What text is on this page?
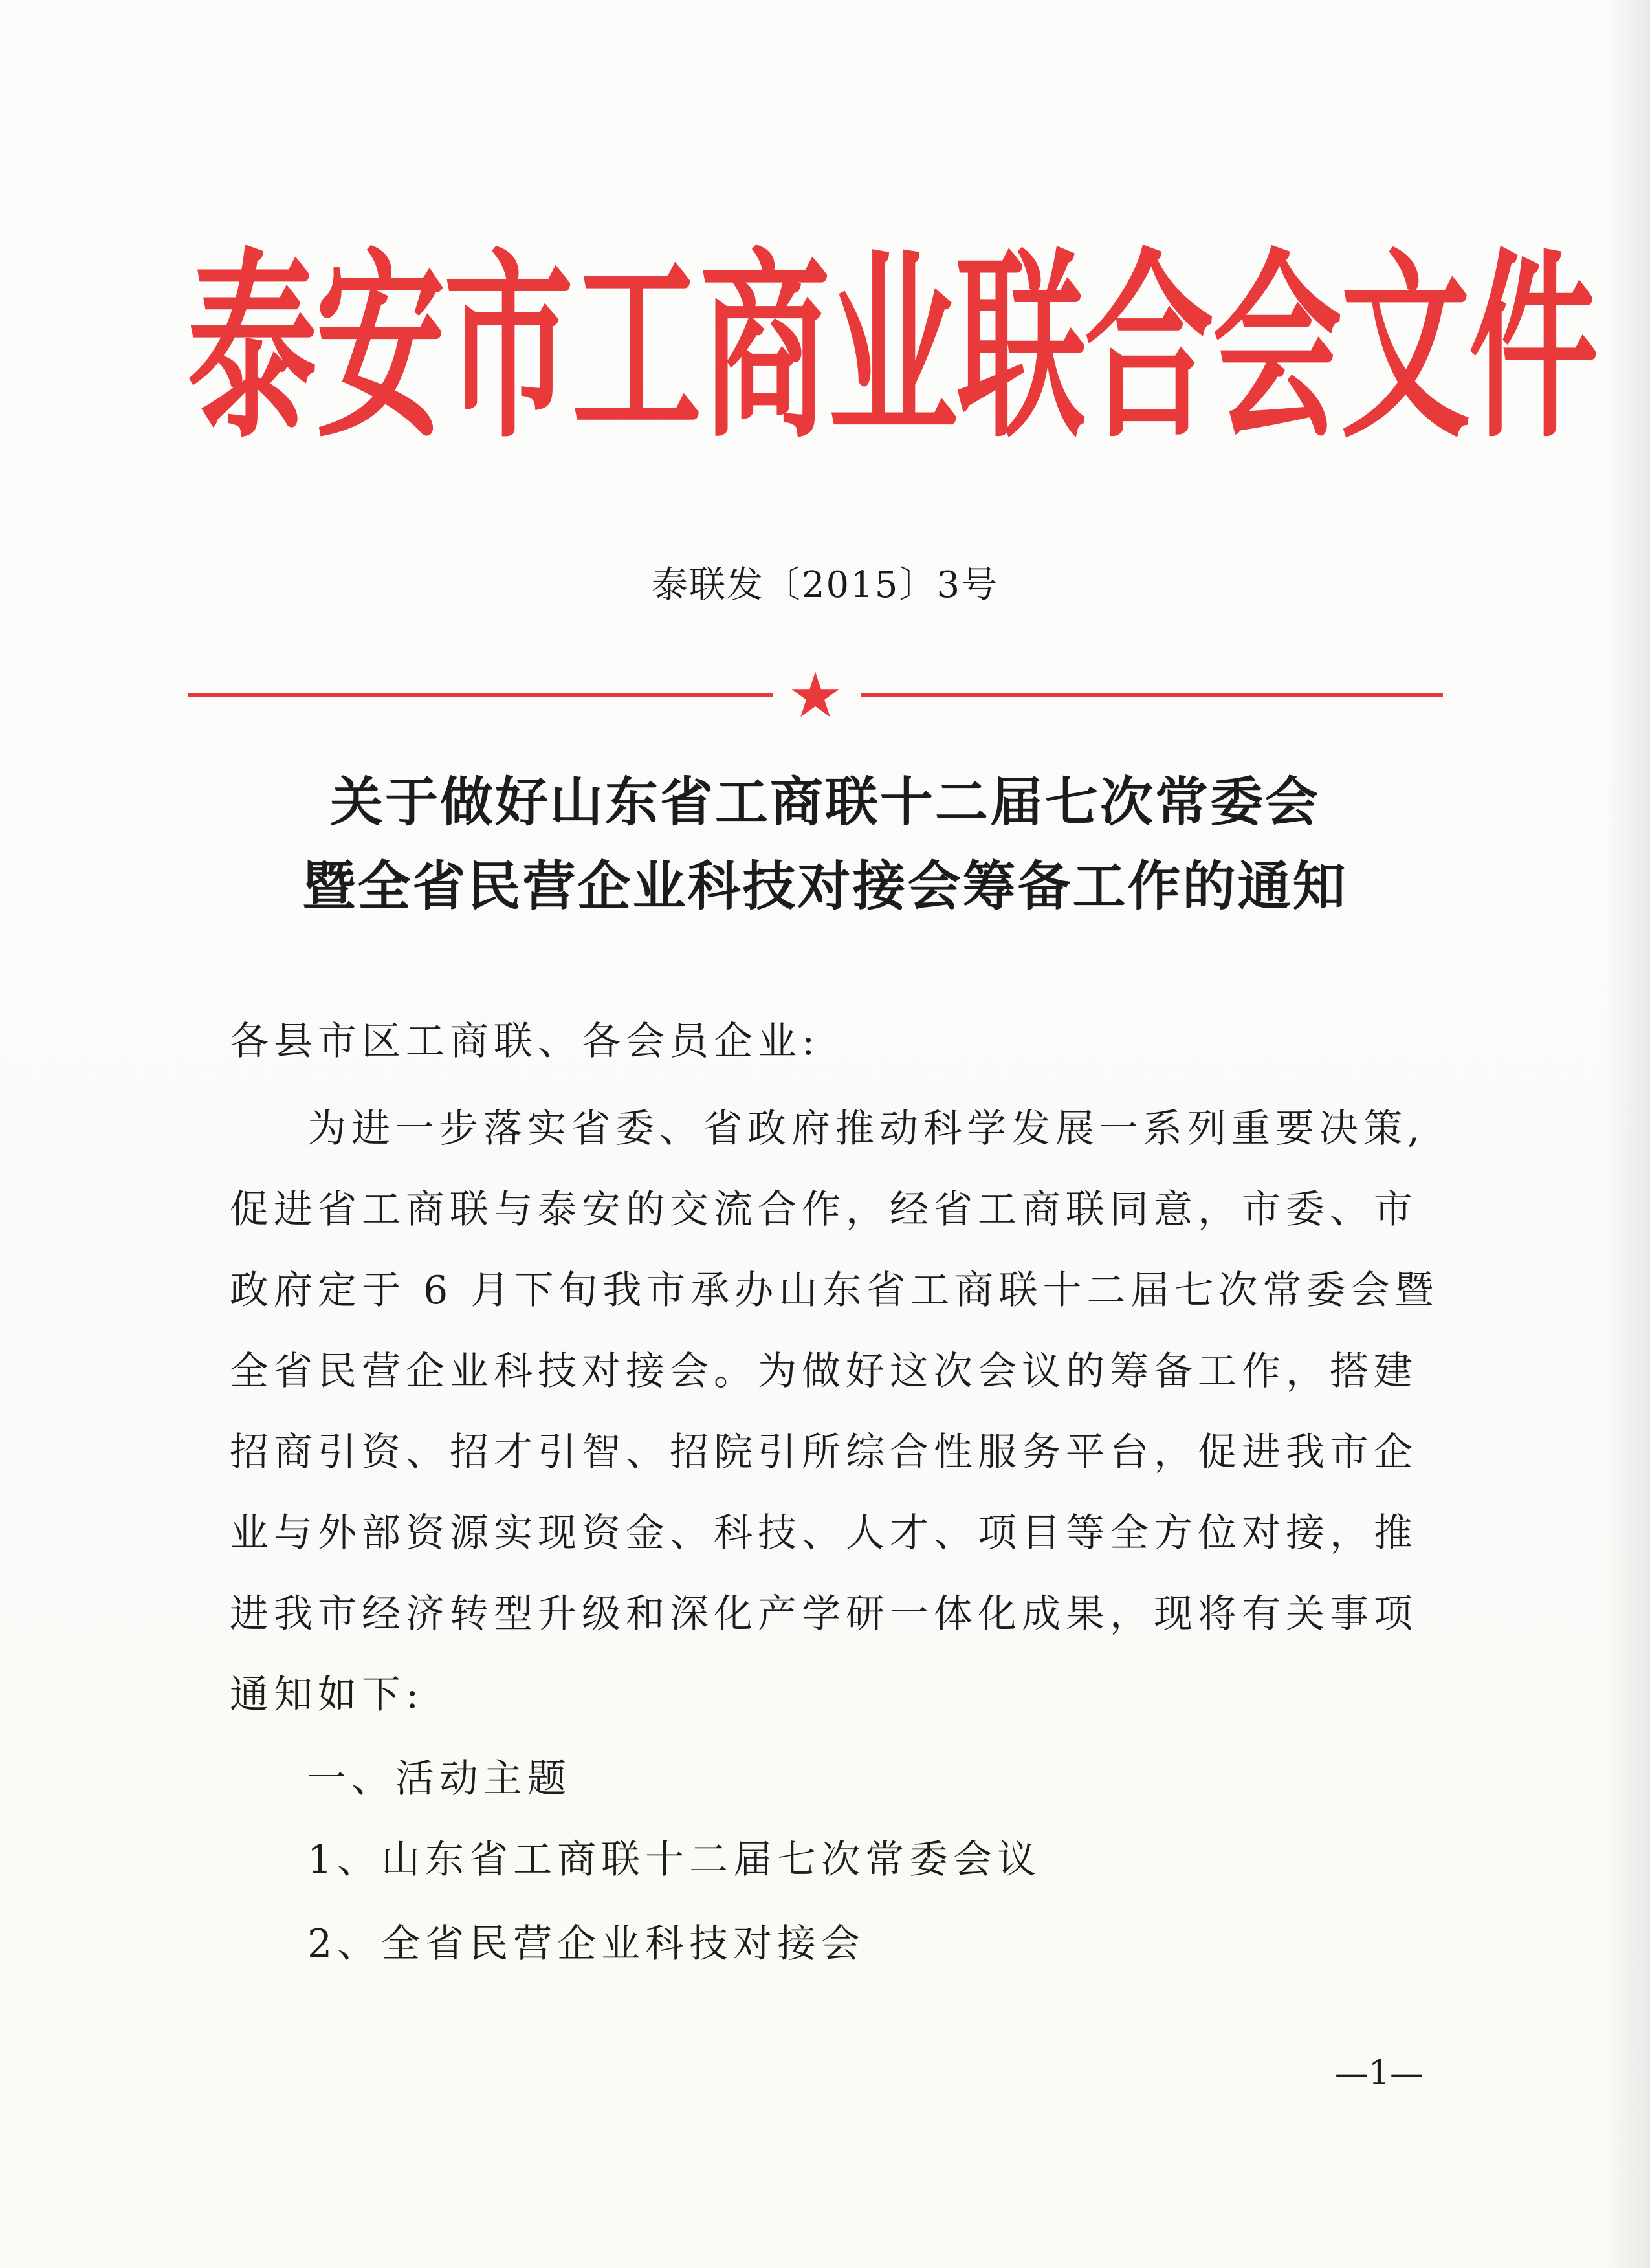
泰安市工商业联合会文件
泰联发〔2015〕3号
★
关于做好山东省工商联十二届七次常委会
暨全省民营企业科技对接会筹备工作的通知
各县市区工商联、各会员企业:
为进一步落实省委、省政府推动科学发展一系列重要决策,
促进省工商联与泰安的交流合作，经省工商联同意，市委、市
政府定于 6 月下旬我市承办山东省工商联十二届七次常委会暨
全省民营企业科技对接会。为做好这次会议的筹备工作，搭建
招商引资、招才引智、招院引所综合性服务平台，促进我市企
业与外部资源实现资金、科技、人才、项目等全方位对接，推
进我市经济转型升级和深化产学研一体化成果，现将有关事项
通知如下:
一、活动主题
1、山东省工商联十二届七次常委会议
2、全省民营企业科技对接会
—1—
